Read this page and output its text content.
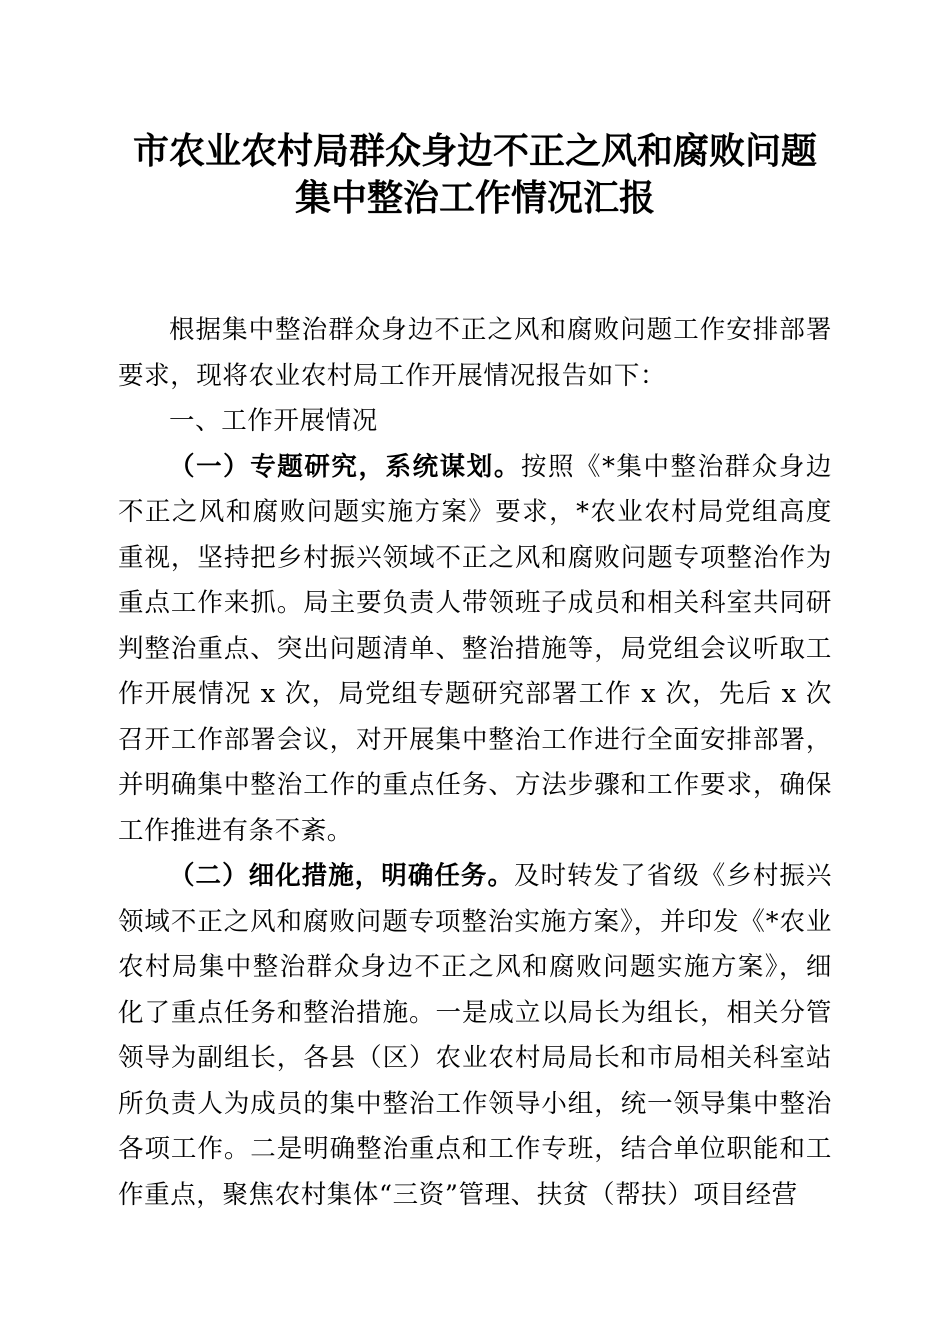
市农业农村局群众身边不正之风和腐败问题集中整治工作情况汇报

根据集中整治群众身边不正之风和腐败问题工作安排部署要求，现将农业农村局工作开展情况报告如下：

一、工作开展情况

（一）专题研究，系统谋划。按照《*集中整治群众身边不正之风和腐败问题实施方案》要求，*农业农村局党组高度重视，坚持把乡村振兴领域不正之风和腐败问题专项整治作为重点工作来抓。局主要负责人带领班子成员和相关科室共同研判整治重点、突出问题清单、整治措施等，局党组会议听取工作开展情况 x 次，局党组专题研究部署工作 x 次，先后 x 次召开工作部署会议，对开展集中整治工作进行全面安排部署，并明确集中整治工作的重点任务、方法步骤和工作要求，确保工作推进有条不紊。

（二）细化措施，明确任务。及时转发了省级《乡村振兴领域不正之风和腐败问题专项整治实施方案》，并印发《*农业农村局集中整治群众身边不正之风和腐败问题实施方案》，细化了重点任务和整治措施。一是成立以局长为组长，相关分管领导为副组长，各县（区）农业农村局局长和市局相关科室站所负责人为成员的集中整治工作领导小组，统一领导集中整治各项工作。二是明确整治重点和工作专班，结合单位职能和工作重点，聚焦农村集体“三资”管理、扶贫（帮扶）项目经营
